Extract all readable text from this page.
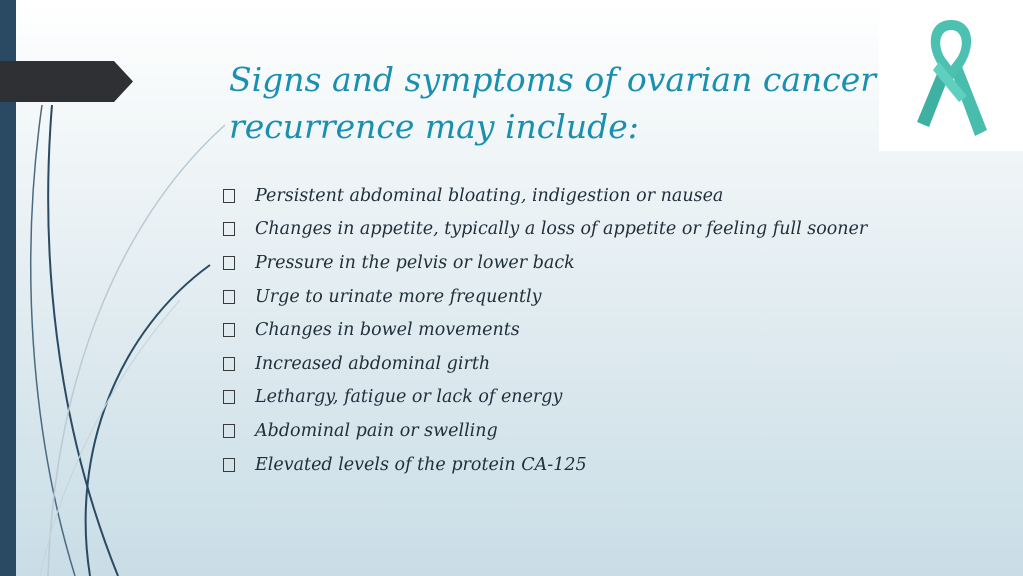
Signs and symptoms of ovarian cancer
recurrence may include:
Persistent abdominal bloating, indigestion or nausea
Changes in appetite, typically a loss of appetite or feeling full sooner
Pressure in the pelvis or lower back
Urge to urinate more frequently
Changes in bowel movements
Increased abdominal girth
Lethargy, fatigue or lack of energy
Abdominal pain or swelling
Elevated levels of the protein CA-125
